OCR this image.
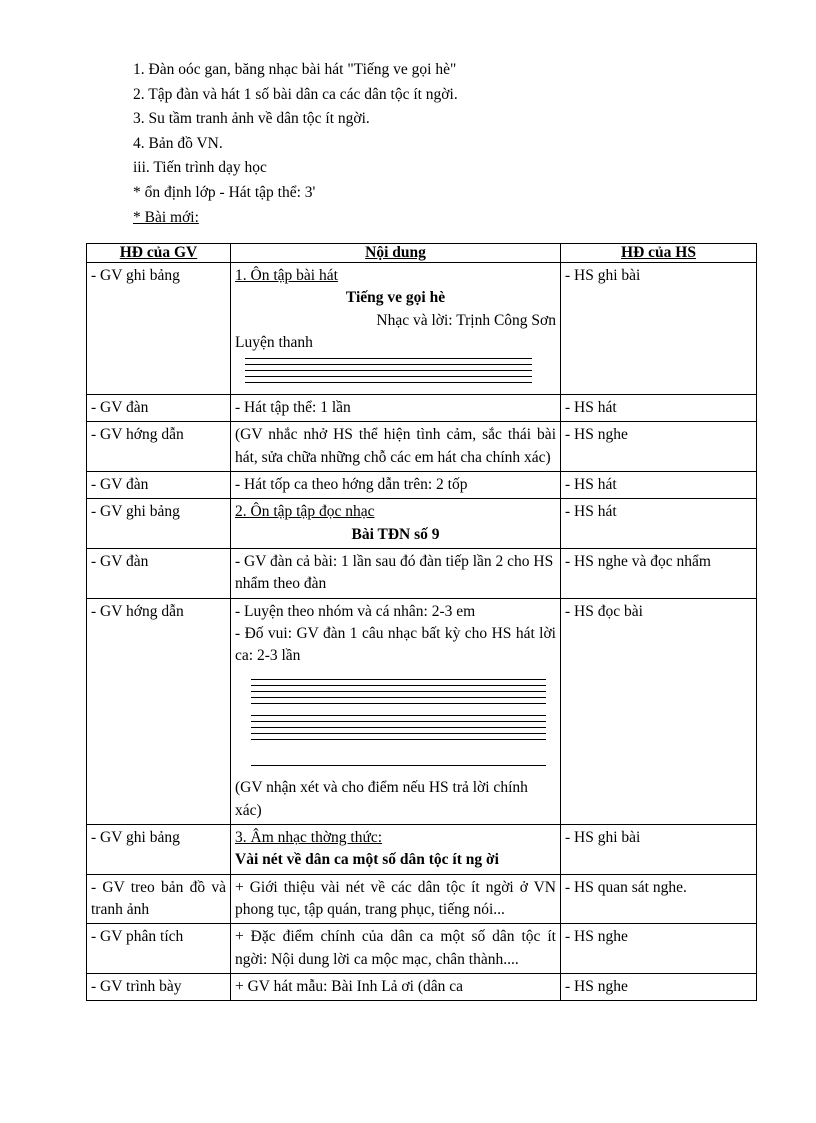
1. Đàn oóc gan, băng nhạc bài hát "Tiếng ve gọi hè"
2. Tập đàn và hát 1 số bài dân ca các dân tộc ít ngời.
3. Su tầm tranh ảnh về dân tộc ít ngời.
4. Bản đồ VN.
iii. Tiến trình dạy học
* ổn định lớp - Hát tập thể: 3'
* Bài mới:
HĐ của GV	Nội dung	HĐ của HS
- GV ghi bảng	1. Ôn tập bài hát
Tiếng ve gọi hè
Nhạc và lời: Trịnh Công Sơn
Luyện thanh	- HS ghi bài
- GV đàn	- Hát tập thể: 1 lần	- HS hát
- GV hớng dẫn	(GV nhắc nhở HS thể hiện tình cảm, sắc thái bài hát, sửa chữa những chỗ các em hát cha chính xác)	- HS nghe
- GV đàn	- Hát tốp ca theo hớng dẫn trên: 2 tốp	- HS hát
- GV ghi bảng	2. Ôn tập tập đọc nhạc
Bài TĐN số 9	- HS hát
- GV đàn	- GV đàn cả bài: 1 lần sau đó đàn tiếp lần 2 cho HS nhẩm theo đàn	- HS nghe và đọc nhẩm
- GV hớng dẫn	- Luyện theo nhóm và cá nhân: 2-3 em
- Đố vui: GV đàn 1 câu nhạc bất kỳ cho HS hát lời ca: 2-3 lần
(GV nhận xét và cho điểm nếu HS trả lời chính xác)	- HS đọc bài
- GV ghi bảng	3. Âm nhạc thờng thức:
Vài nét về dân ca một số dân tộc ít ng ời	- HS ghi bài
- GV treo bản đồ và tranh ảnh	+ Giới thiệu vài nét về các dân tộc ít ngời ở VN phong tục, tập quán, trang phục, tiếng nói...	- HS quan sát nghe.
- GV phân tích	+ Đặc điểm chính của dân ca một số dân tộc ít ngời: Nội dung lời ca mộc mạc, chân thành....	- HS nghe
- GV trình bày	+ GV hát mẫu: Bài Inh Lả ơi (dân ca	- HS nghe
